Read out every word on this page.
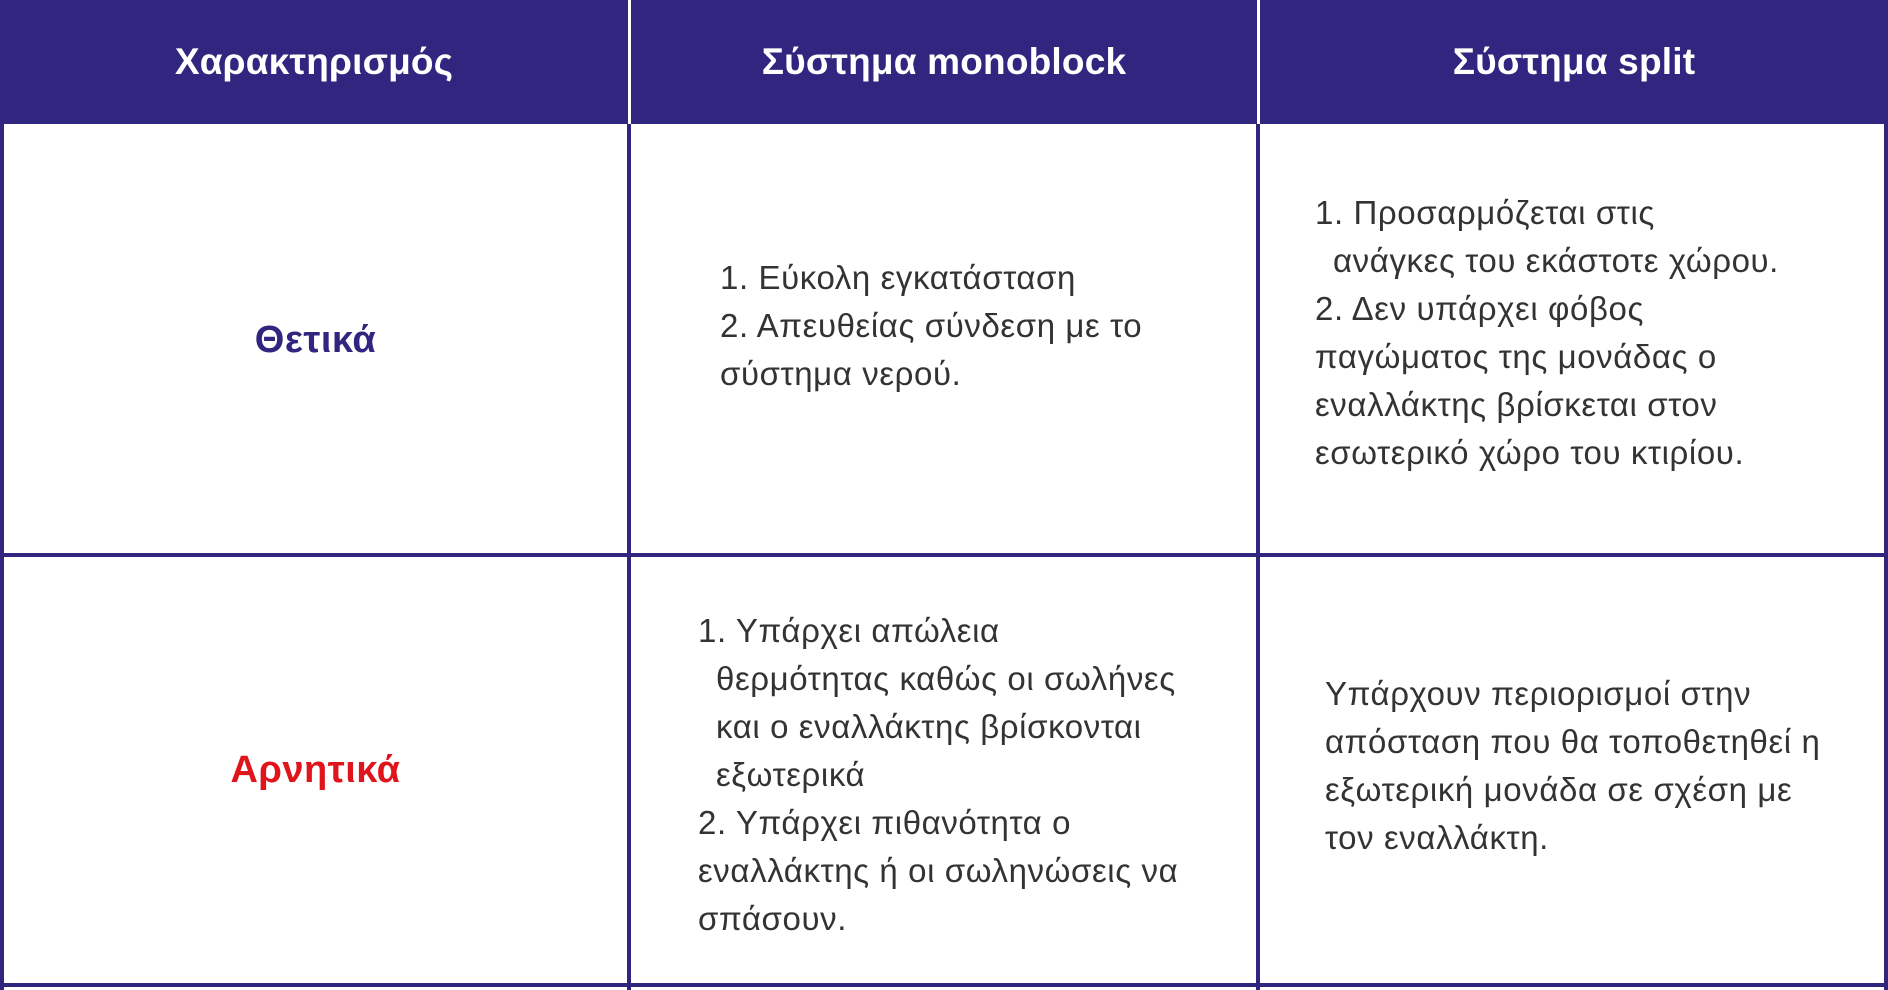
Χαρακτηρισμός	Σύστημα monoblock	Σύστημα split
Θετικά
1. Εύκολη εγκατάσταση
2. Απευθείας σύνδεση με το
σύστημα νερού.
1. Προσαρμόζεται στις
ανάγκες του εκάστοτε χώρου.
2. Δεν υπάρχει φόβος
παγώματος της μονάδας ο
εναλλάκτης βρίσκεται στον
εσωτερικό χώρο του κτιρίου.
Αρνητικά
1. Υπάρχει απώλεια
θερμότητας καθώς οι σωλήνες
και ο εναλλάκτης βρίσκονται
εξωτερικά
2. Υπάρχει πιθανότητα ο
εναλλάκτης ή οι σωληνώσεις να
σπάσουν.
Υπάρχουν περιορισμοί στην
απόσταση που θα τοποθετηθεί η
εξωτερική μονάδα σε σχέση με
τον εναλλάκτη.
